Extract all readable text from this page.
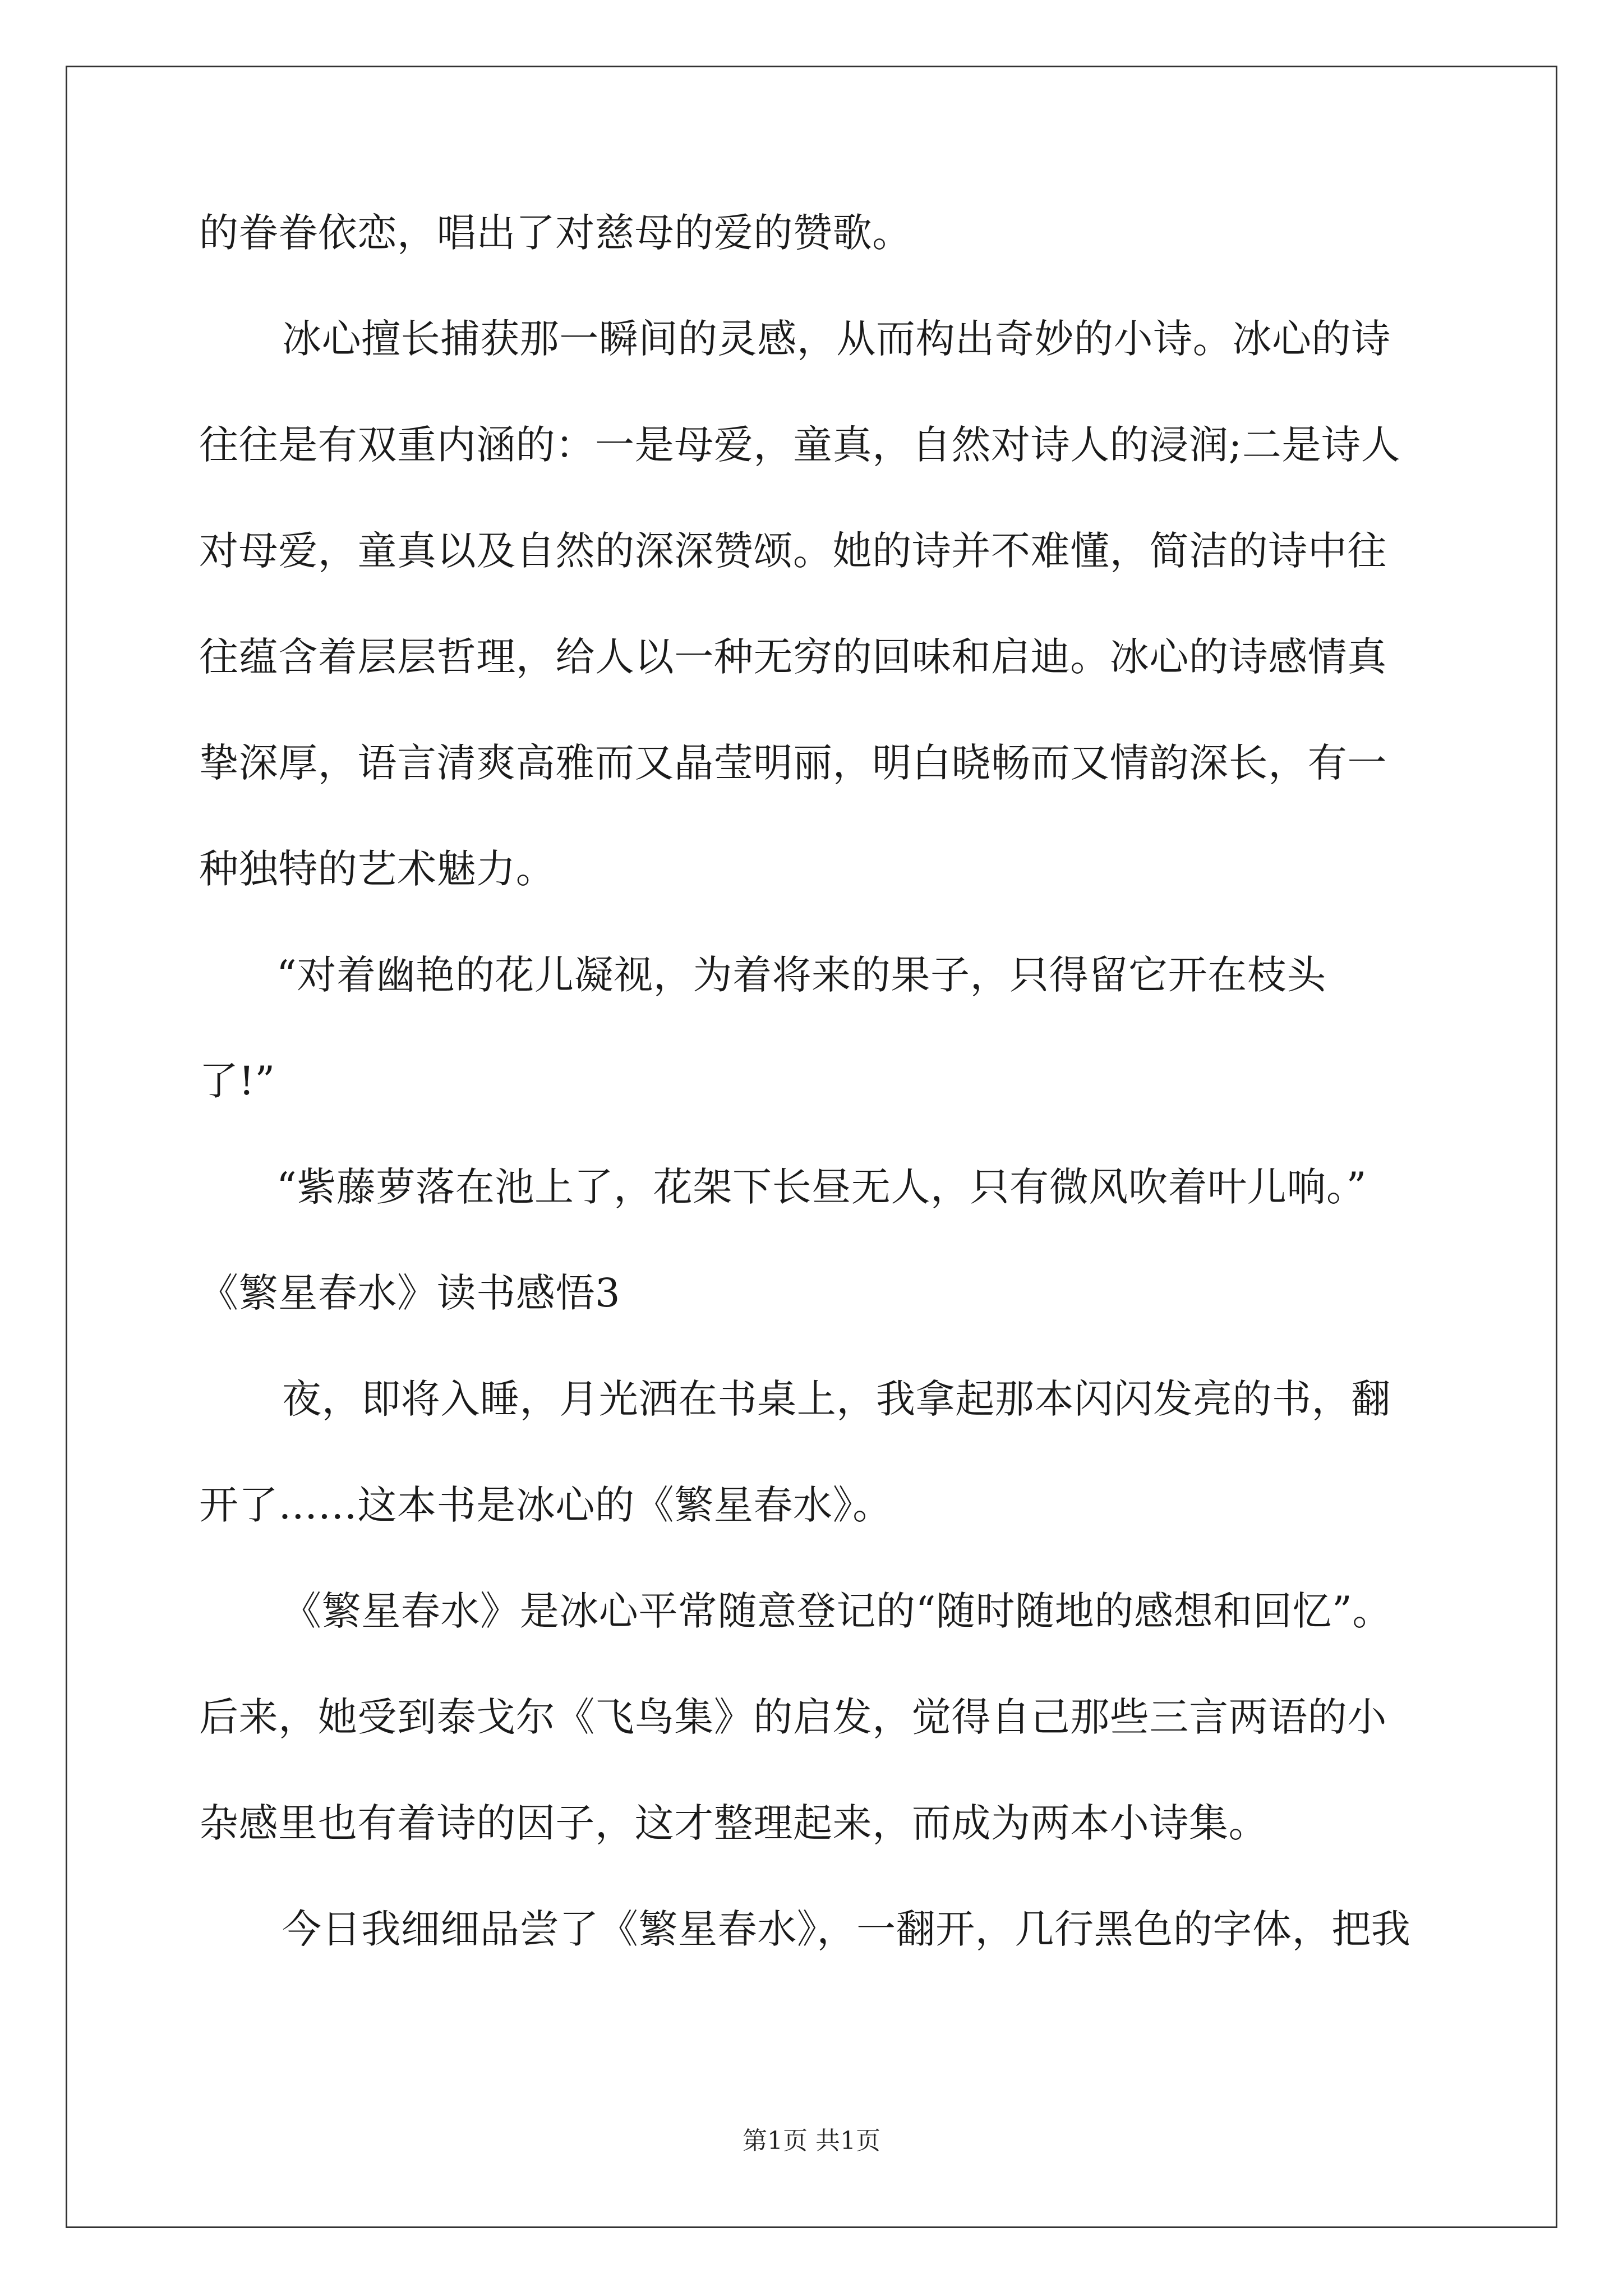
的眷眷依恋，唱出了对慈母的爱的赞歌。
冰心擅长捕获那一瞬间的灵感，从而构出奇妙的小诗。冰心的诗
往往是有双重内涵的：一是母爱，童真，自然对诗人的浸润;二是诗人
对母爱，童真以及自然的深深赞颂。她的诗并不难懂，简洁的诗中往
往蕴含着层层哲理，给人以一种无穷的回味和启迪。冰心的诗感情真
挚深厚，语言清爽高雅而又晶莹明丽，明白晓畅而又情韵深长，有一
种独特的艺术魅力。
“对着幽艳的花儿凝视，为着将来的果子，只得留它开在枝头
了!”
“紫藤萝落在池上了，花架下长昼无人，只有微风吹着叶儿响。”
《繁星春水》读书感悟3
夜，即将入睡，月光洒在书桌上，我拿起那本闪闪发亮的书，翻
开了……这本书是冰心的《繁星春水》。
《繁星春水》是冰心平常随意登记的“随时随地的感想和回忆”。
后来，她受到泰戈尔《飞鸟集》的启发，觉得自己那些三言两语的小
杂感里也有着诗的因子，这才整理起来，而成为两本小诗集。
今日我细细品尝了《繁星春水》，一翻开，几行黑色的字体，把我
第1页 共1页
